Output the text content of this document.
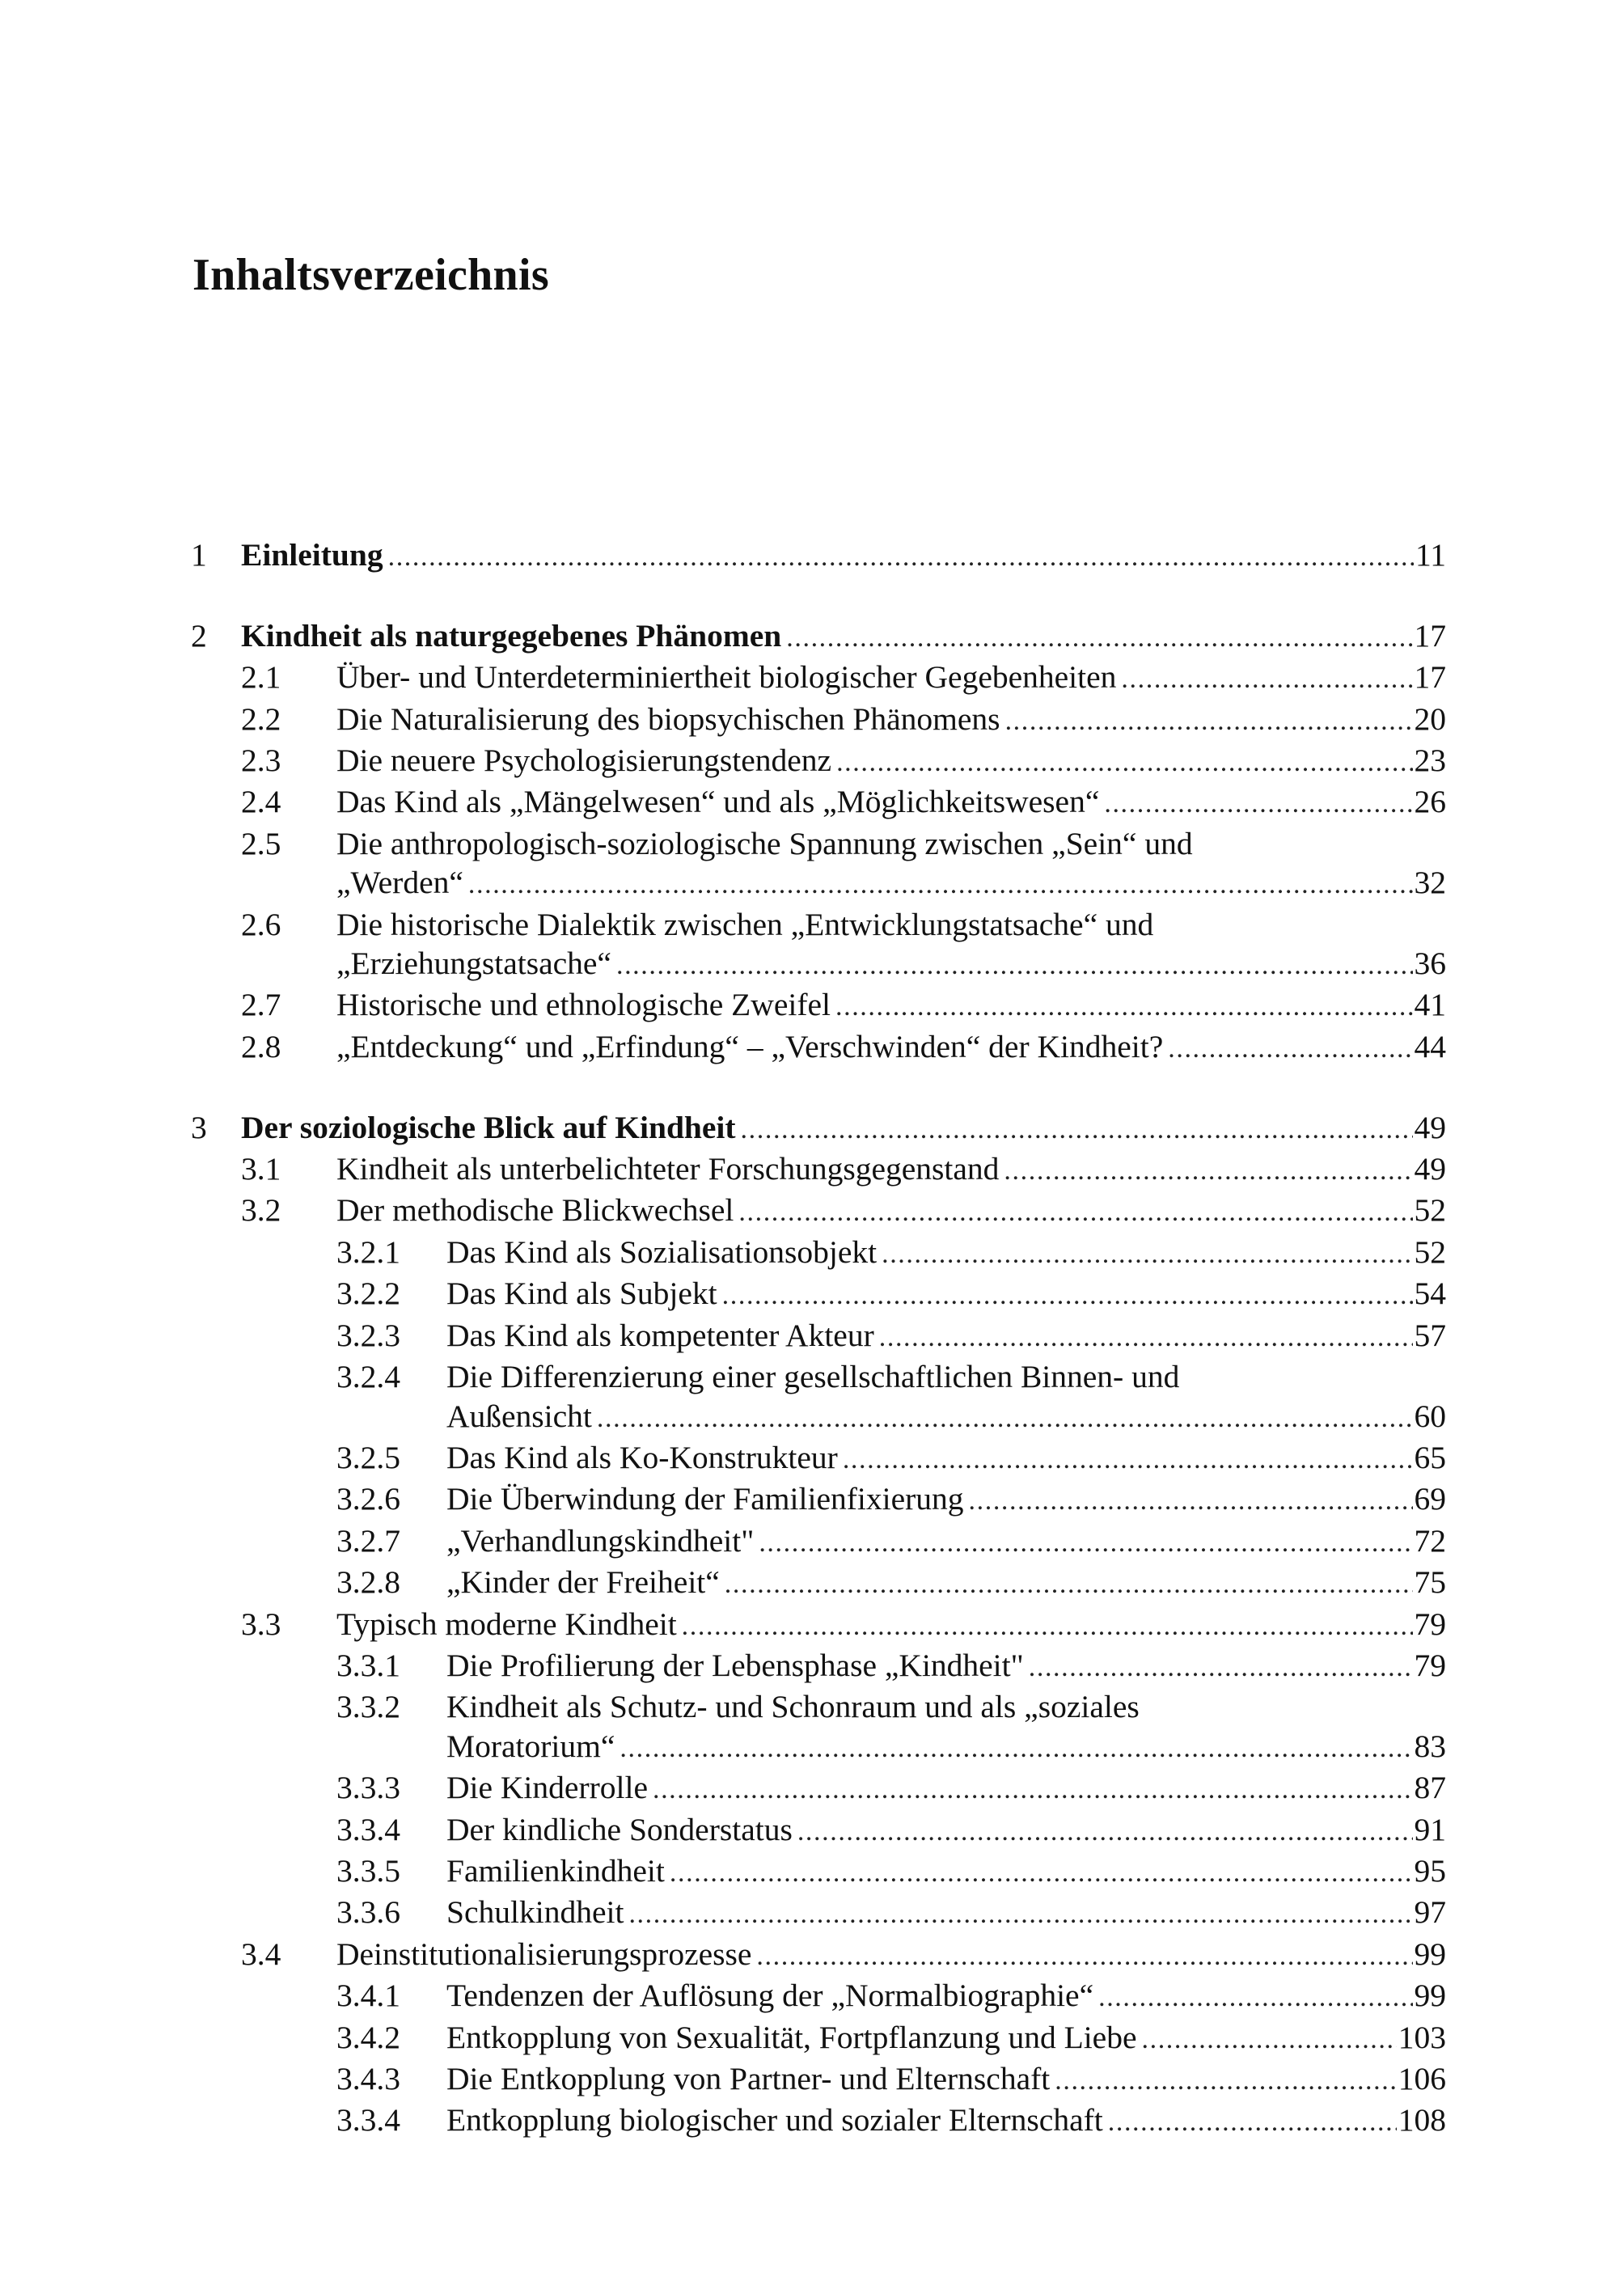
Inhaltsverzeichnis
1 Einleitung .....	11
2 Kindheit als naturgegebenes Phänomen .....	17
2.1 Über- und Unterdeterminiertheit biologischer Gegebenheiten .....	17
2.2 Die Naturalisierung des biopsychischen Phänomens .....	20
2.3 Die neuere Psychologisierungstendenz .....	23
2.4 Das Kind als „Mängelwesen“ und als „Möglichkeitswesen“ .....	26
2.5 Die anthropologisch-soziologische Spannung zwischen „Sein“ und
„Werden“ .....	32
2.6 Die historische Dialektik zwischen „Entwicklungstatsache“ und
„Erziehungstatsache“ .....	36
2.7 Historische und ethnologische Zweifel .....	41
2.8 „Entdeckung“ und „Erfindung“ – „Verschwinden“ der Kindheit? .....	44
3 Der soziologische Blick auf Kindheit .....	49
3.1 Kindheit als unterbelichteter Forschungsgegenstand .....	49
3.2 Der methodische Blickwechsel .....	52
3.2.1 Das Kind als Sozialisationsobjekt .....	52
3.2.2 Das Kind als Subjekt .....	54
3.2.3 Das Kind als kompetenter Akteur .....	57
3.2.4 Die Differenzierung einer gesellschaftlichen Binnen- und
Außensicht .....	60
3.2.5 Das Kind als Ko-Konstrukteur .....	65
3.2.6 Die Überwindung der Familienfixierung .....	69
3.2.7 „Verhandlungskindheit" .....	72
3.2.8 „Kinder der Freiheit“ .....	75
3.3 Typisch moderne Kindheit .....	79
3.3.1 Die Profilierung der Lebensphase „Kindheit" .....	79
3.3.2 Kindheit als Schutz- und Schonraum und als „soziales
Moratorium“ .....	83
3.3.3 Die Kinderrolle .....	87
3.3.4 Der kindliche Sonderstatus .....	91
3.3.5 Familienkindheit .....	95
3.3.6 Schulkindheit .....	97
3.4 Deinstitutionalisierungsprozesse .....	99
3.4.1 Tendenzen der Auflösung der „Normalbiographie“ .....	99
3.4.2 Entkopplung von Sexualität, Fortpflanzung und Liebe .....	103
3.4.3 Die Entkopplung von Partner- und Elternschaft .....	106
3.3.4 Entkopplung biologischer und sozialer Elternschaft .....	108
